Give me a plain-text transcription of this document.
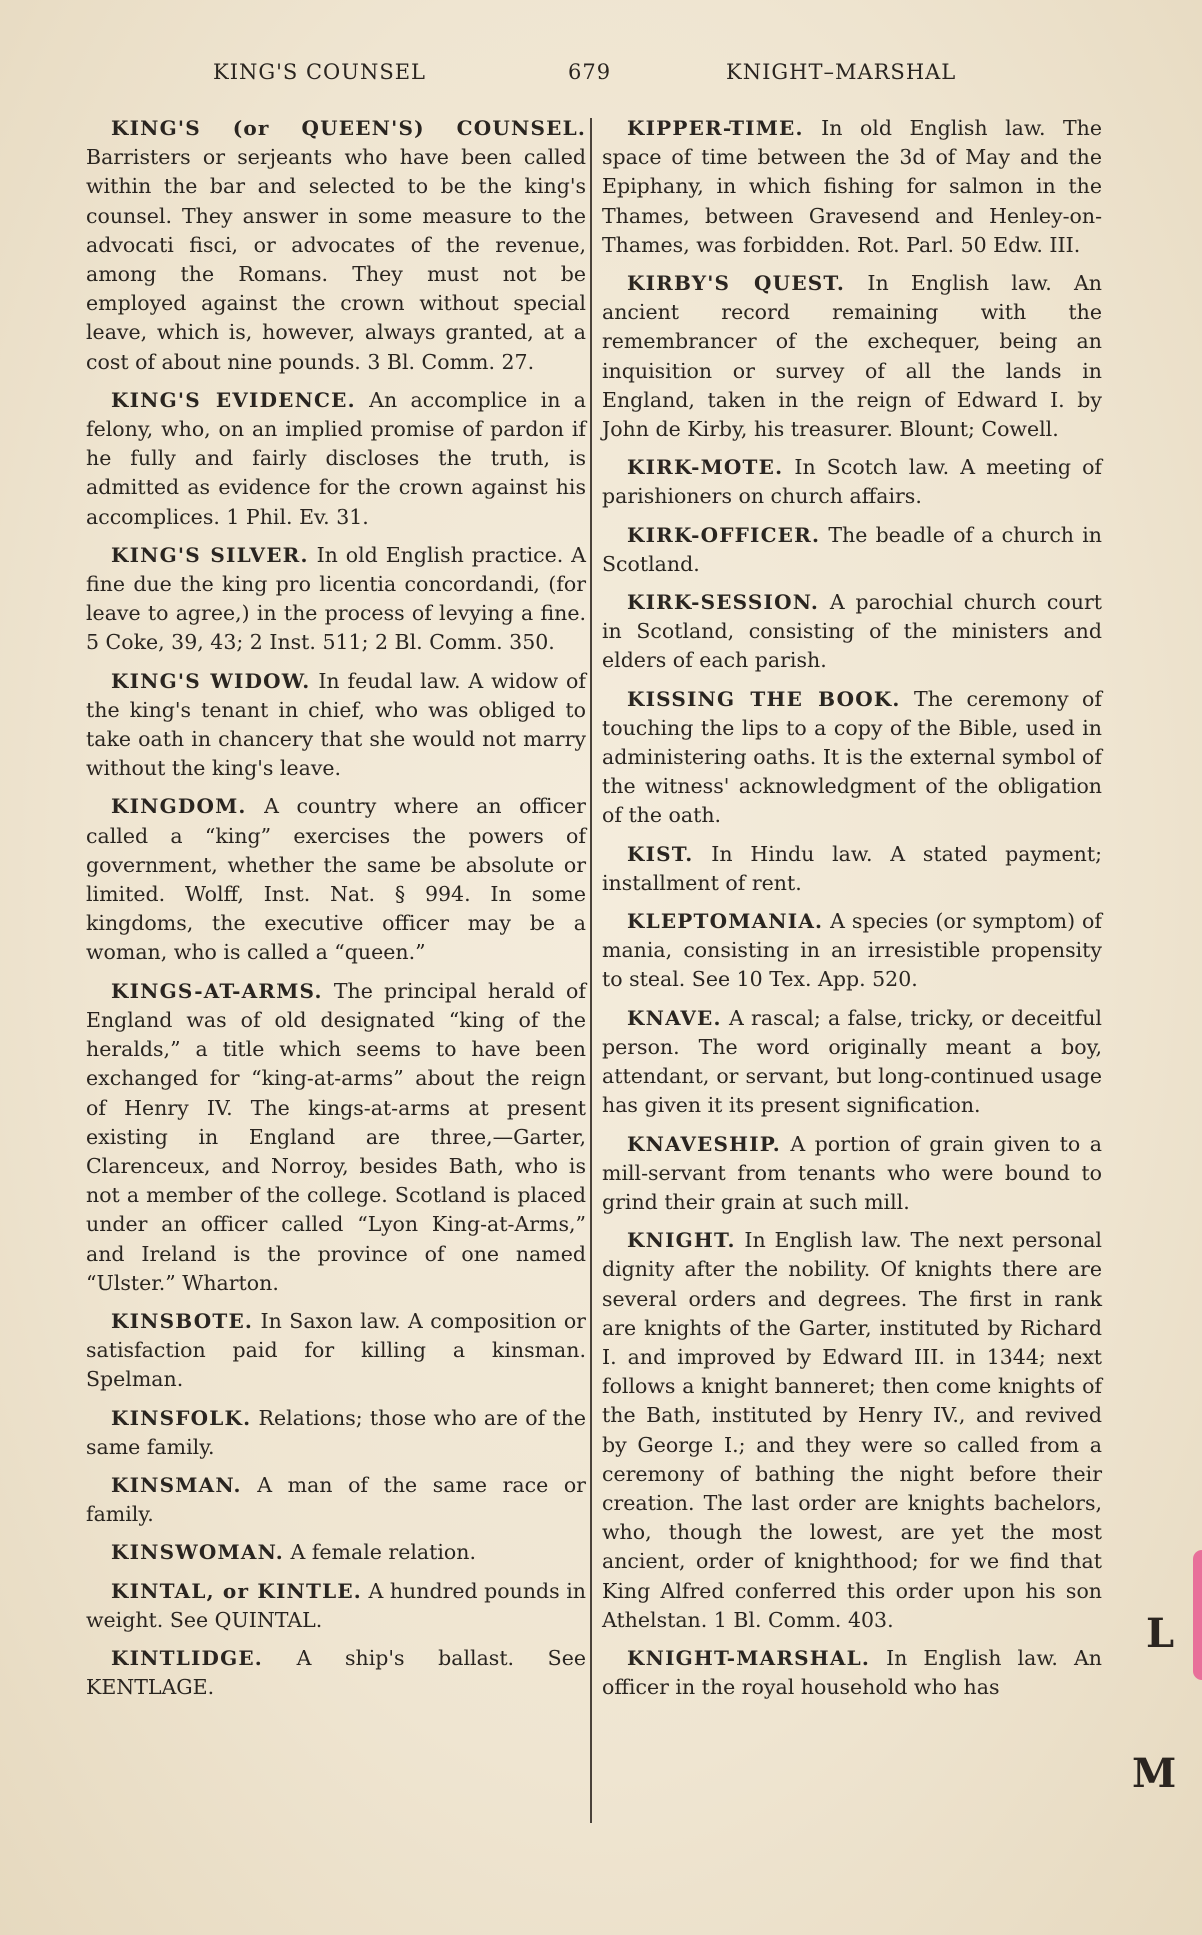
KING'S COUNSEL	679	KNIGHT–MARSHAL

KING'S (or QUEEN'S) COUNSEL. Barristers or serjeants who have been called within the bar and selected to be the king's counsel. They answer in some measure to the advocati fisci, or advocates of the revenue, among the Romans. They must not be employed against the crown without special leave, which is, however, always granted, at a cost of about nine pounds. 3 Bl. Comm. 27.

KING'S EVIDENCE. An accomplice in a felony, who, on an implied promise of pardon if he fully and fairly discloses the truth, is admitted as evidence for the crown against his accomplices. 1 Phil. Ev. 31.

KING'S SILVER. In old English practice. A fine due the king pro licentia concordandi, (for leave to agree,) in the process of levying a fine. 5 Coke, 39, 43; 2 Inst. 511; 2 Bl. Comm. 350.

KING'S WIDOW. In feudal law. A widow of the king's tenant in chief, who was obliged to take oath in chancery that she would not marry without the king's leave.

KINGDOM. A country where an officer called a “king” exercises the powers of government, whether the same be absolute or limited. Wolff, Inst. Nat. § 994. In some kingdoms, the executive officer may be a woman, who is called a “queen.”

KINGS-AT-ARMS. The principal herald of England was of old designated “king of the heralds,” a title which seems to have been exchanged for “king-at-arms” about the reign of Henry IV. The kings-at-arms at present existing in England are three,—Garter, Clarenceux, and Norroy, besides Bath, who is not a member of the college. Scotland is placed under an officer called “Lyon King-at-Arms,” and Ireland is the province of one named “Ulster.” Wharton.

KINSBOTE. In Saxon law. A composition or satisfaction paid for killing a kinsman. Spelman.

KINSFOLK. Relations; those who are of the same family.

KINSMAN. A man of the same race or family.

KINSWOMAN. A female relation.

KINTAL, or KINTLE. A hundred pounds in weight. See QUINTAL.

KINTLIDGE. A ship's ballast. See KENTLAGE.

KIPPER-TIME. In old English law. The space of time between the 3d of May and the Epiphany, in which fishing for salmon in the Thames, between Gravesend and Henley-on-Thames, was forbidden. Rot. Parl. 50 Edw. III.

KIRBY'S QUEST. In English law. An ancient record remaining with the remembrancer of the exchequer, being an inquisition or survey of all the lands in England, taken in the reign of Edward I. by John de Kirby, his treasurer. Blount; Cowell.

KIRK-MOTE. In Scotch law. A meeting of parishioners on church affairs.

KIRK-OFFICER. The beadle of a church in Scotland.

KIRK-SESSION. A parochial church court in Scotland, consisting of the ministers and elders of each parish.

KISSING THE BOOK. The ceremony of touching the lips to a copy of the Bible, used in administering oaths. It is the external symbol of the witness' acknowledgment of the obligation of the oath.

KIST. In Hindu law. A stated payment; installment of rent.

KLEPTOMANIA. A species (or symptom) of mania, consisting in an irresistible propensity to steal. See 10 Tex. App. 520.

KNAVE. A rascal; a false, tricky, or deceitful person. The word originally meant a boy, attendant, or servant, but long-continued usage has given it its present signification.

KNAVESHIP. A portion of grain given to a mill-servant from tenants who were bound to grind their grain at such mill.

KNIGHT. In English law. The next personal dignity after the nobility. Of knights there are several orders and degrees. The first in rank are knights of the Garter, instituted by Richard I. and improved by Edward III. in 1344; next follows a knight banneret; then come knights of the Bath, instituted by Henry IV., and revived by George I.; and they were so called from a ceremony of bathing the night before their creation. The last order are knights bachelors, who, though the lowest, are yet the most ancient, order of knighthood; for we find that King Alfred conferred this order upon his son Athelstan. 1 Bl. Comm. 403.

KNIGHT-MARSHAL. In English law. An officer in the royal household who has

L
M
